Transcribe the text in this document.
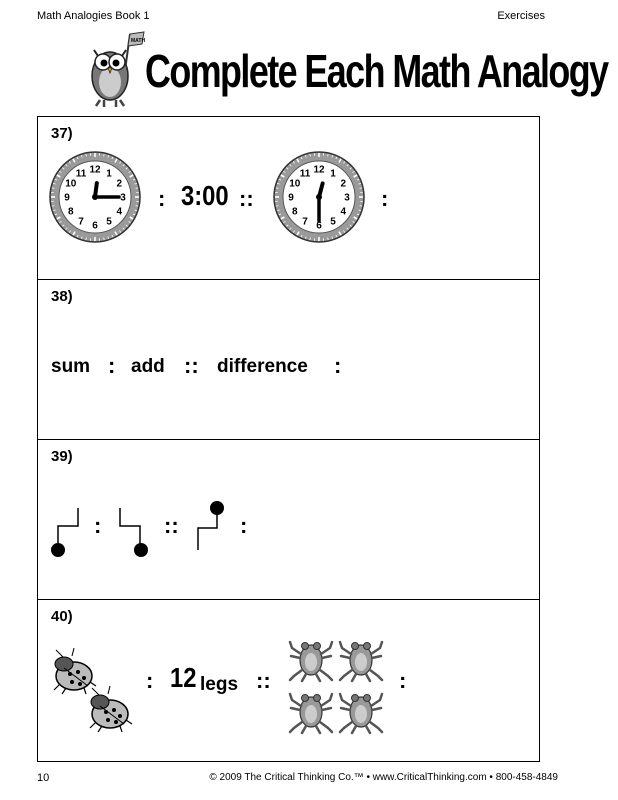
Math Analogies Book 1	Exercises
MATH
Complete Each Math Analogy
37)
1
2
3
4
5
6
7
8
9
10
11 12
: 3:00 ::
1
2
3
4
5
6
7
8
9
10
11 12
:
38)
sum : add :: difference :
39)
:	::	:
40)
: 12 legs ::	:
10	© 2009 The Critical Thinking Co.™ • www.CriticalThinking.com • 800-458-4849
